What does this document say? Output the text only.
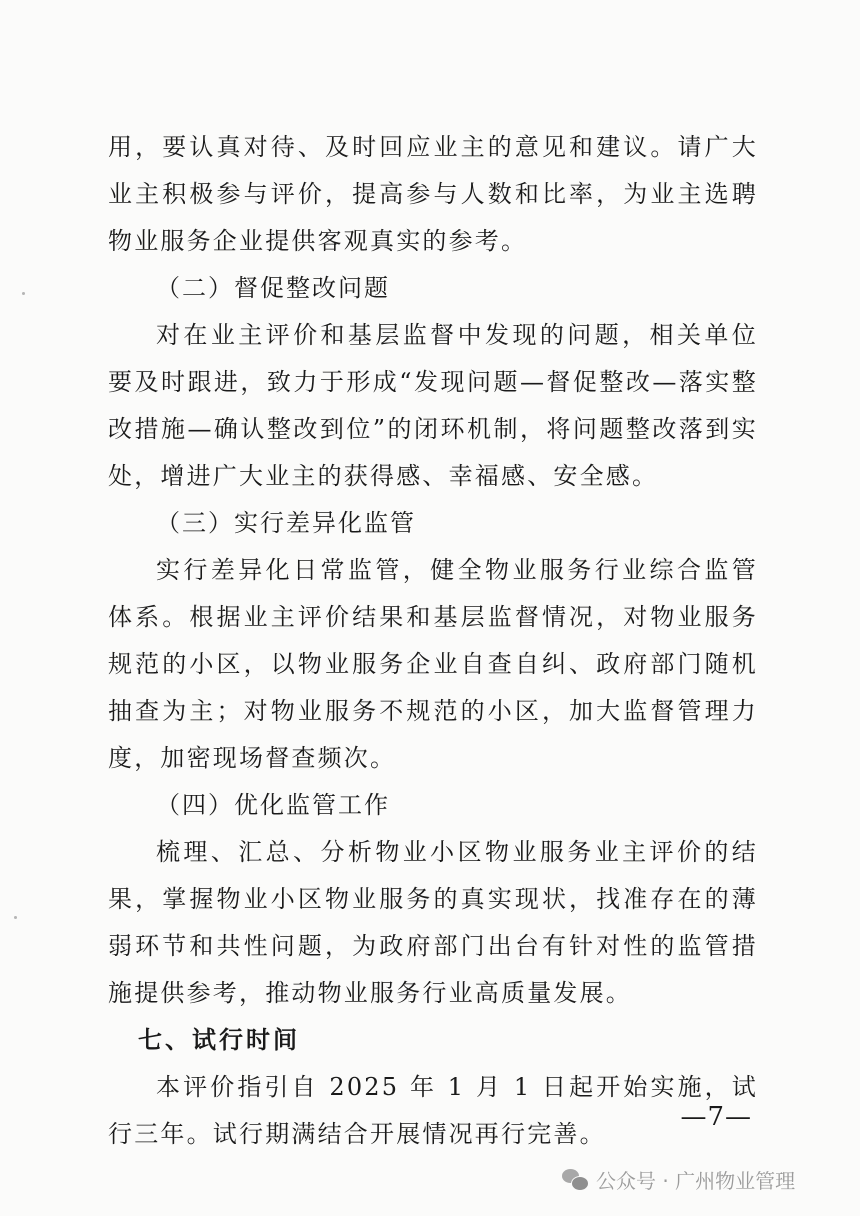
用，要认真对待、及时回应业主的意见和建议。请广大业主积极参与评价，提高参与人数和比率，为业主选聘物业服务企业提供客观真实的参考。

（二）督促整改问题

对在业主评价和基层监督中发现的问题，相关单位要及时跟进，致力于形成“发现问题—督促整改—落实整改措施—确认整改到位”的闭环机制，将问题整改落到实处，增进广大业主的获得感、幸福感、安全感。

（三）实行差异化监管

实行差异化日常监管，健全物业服务行业综合监管体系。根据业主评价结果和基层监督情况，对物业服务规范的小区，以物业服务企业自查自纠、政府部门随机抽查为主；对物业服务不规范的小区，加大监督管理力度，加密现场督查频次。

（四）优化监管工作

梳理、汇总、分析物业小区物业服务业主评价的结果，掌握物业小区物业服务的真实现状，找准存在的薄弱环节和共性问题，为政府部门出台有针对性的监管措施提供参考，推动物业服务行业高质量发展。

七、试行时间

本评价指引自 2025 年 1 月 1 日起开始实施，试行三年。试行期满结合开展情况再行完善。

—7—
公众号 · 广州物业管理
